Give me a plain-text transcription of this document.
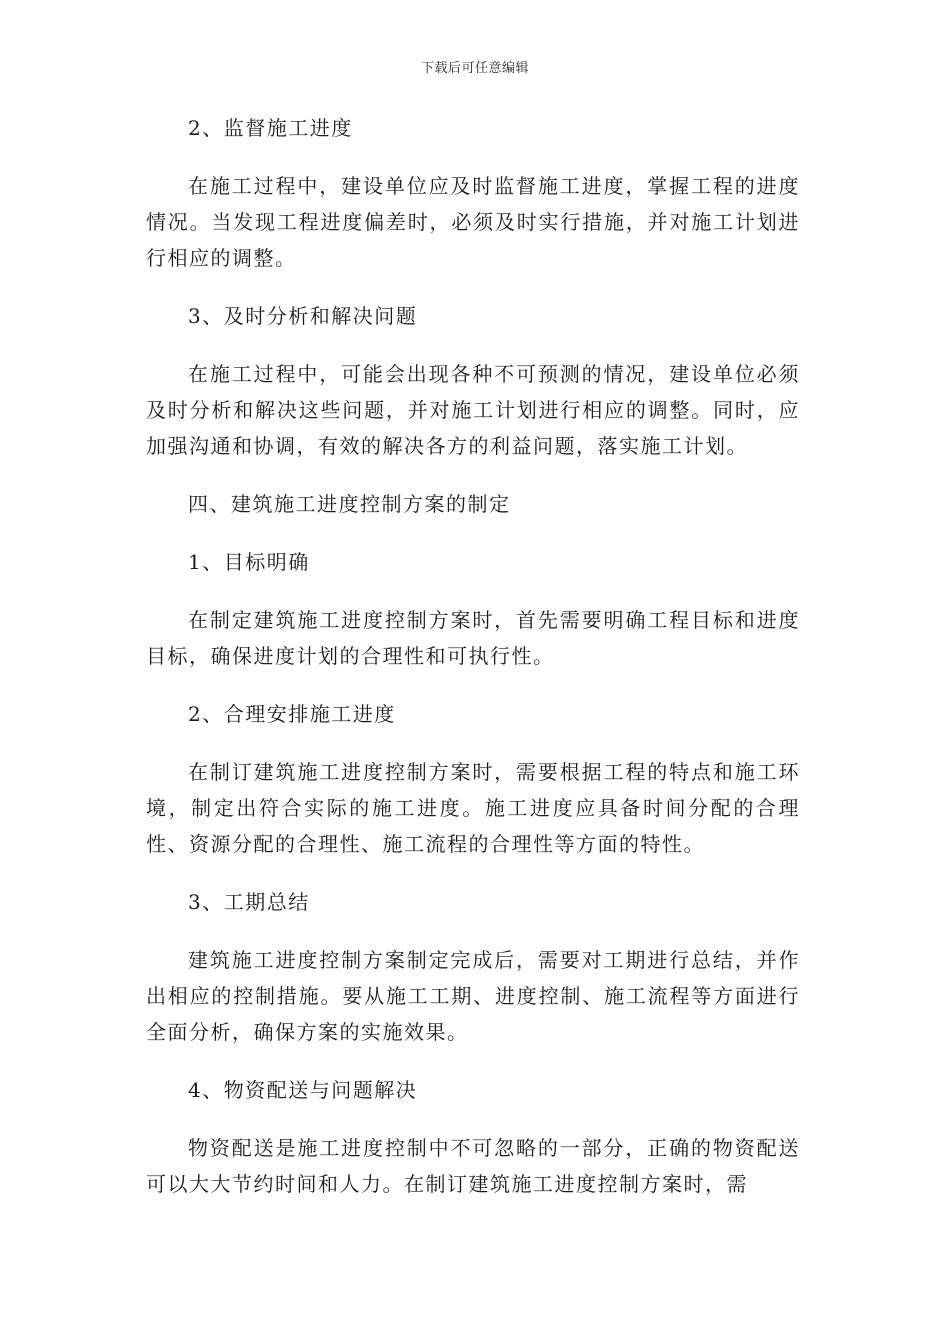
下载后可任意编辑
2、监督施工进度

在施工过程中，建设单位应及时监督施工进度，掌握工程的进度情况。当发现工程进度偏差时，必须及时实行措施，并对施工计划进行相应的调整。

3、及时分析和解决问题

在施工过程中，可能会出现各种不可预测的情况，建设单位必须及时分析和解决这些问题，并对施工计划进行相应的调整。同时，应加强沟通和协调，有效的解决各方的利益问题，落实施工计划。

四、建筑施工进度控制方案的制定
1、目标明确

在制定建筑施工进度控制方案时，首先需要明确工程目标和进度目标，确保进度计划的合理性和可执行性。

2、合理安排施工进度

在制订建筑施工进度控制方案时，需要根据工程的特点和施工环境，制定出符合实际的施工进度。施工进度应具备时间分配的合理性、资源分配的合理性、施工流程的合理性等方面的特性。

3、工期总结

建筑施工进度控制方案制定完成后，需要对工期进行总结，并作出相应的控制措施。要从施工工期、进度控制、施工流程等方面进行全面分析，确保方案的实施效果。

4、物资配送与问题解决

物资配送是施工进度控制中不可忽略的一部分，正确的物资配送可以大大节约时间和人力。在制订建筑施工进度控制方案时，需
